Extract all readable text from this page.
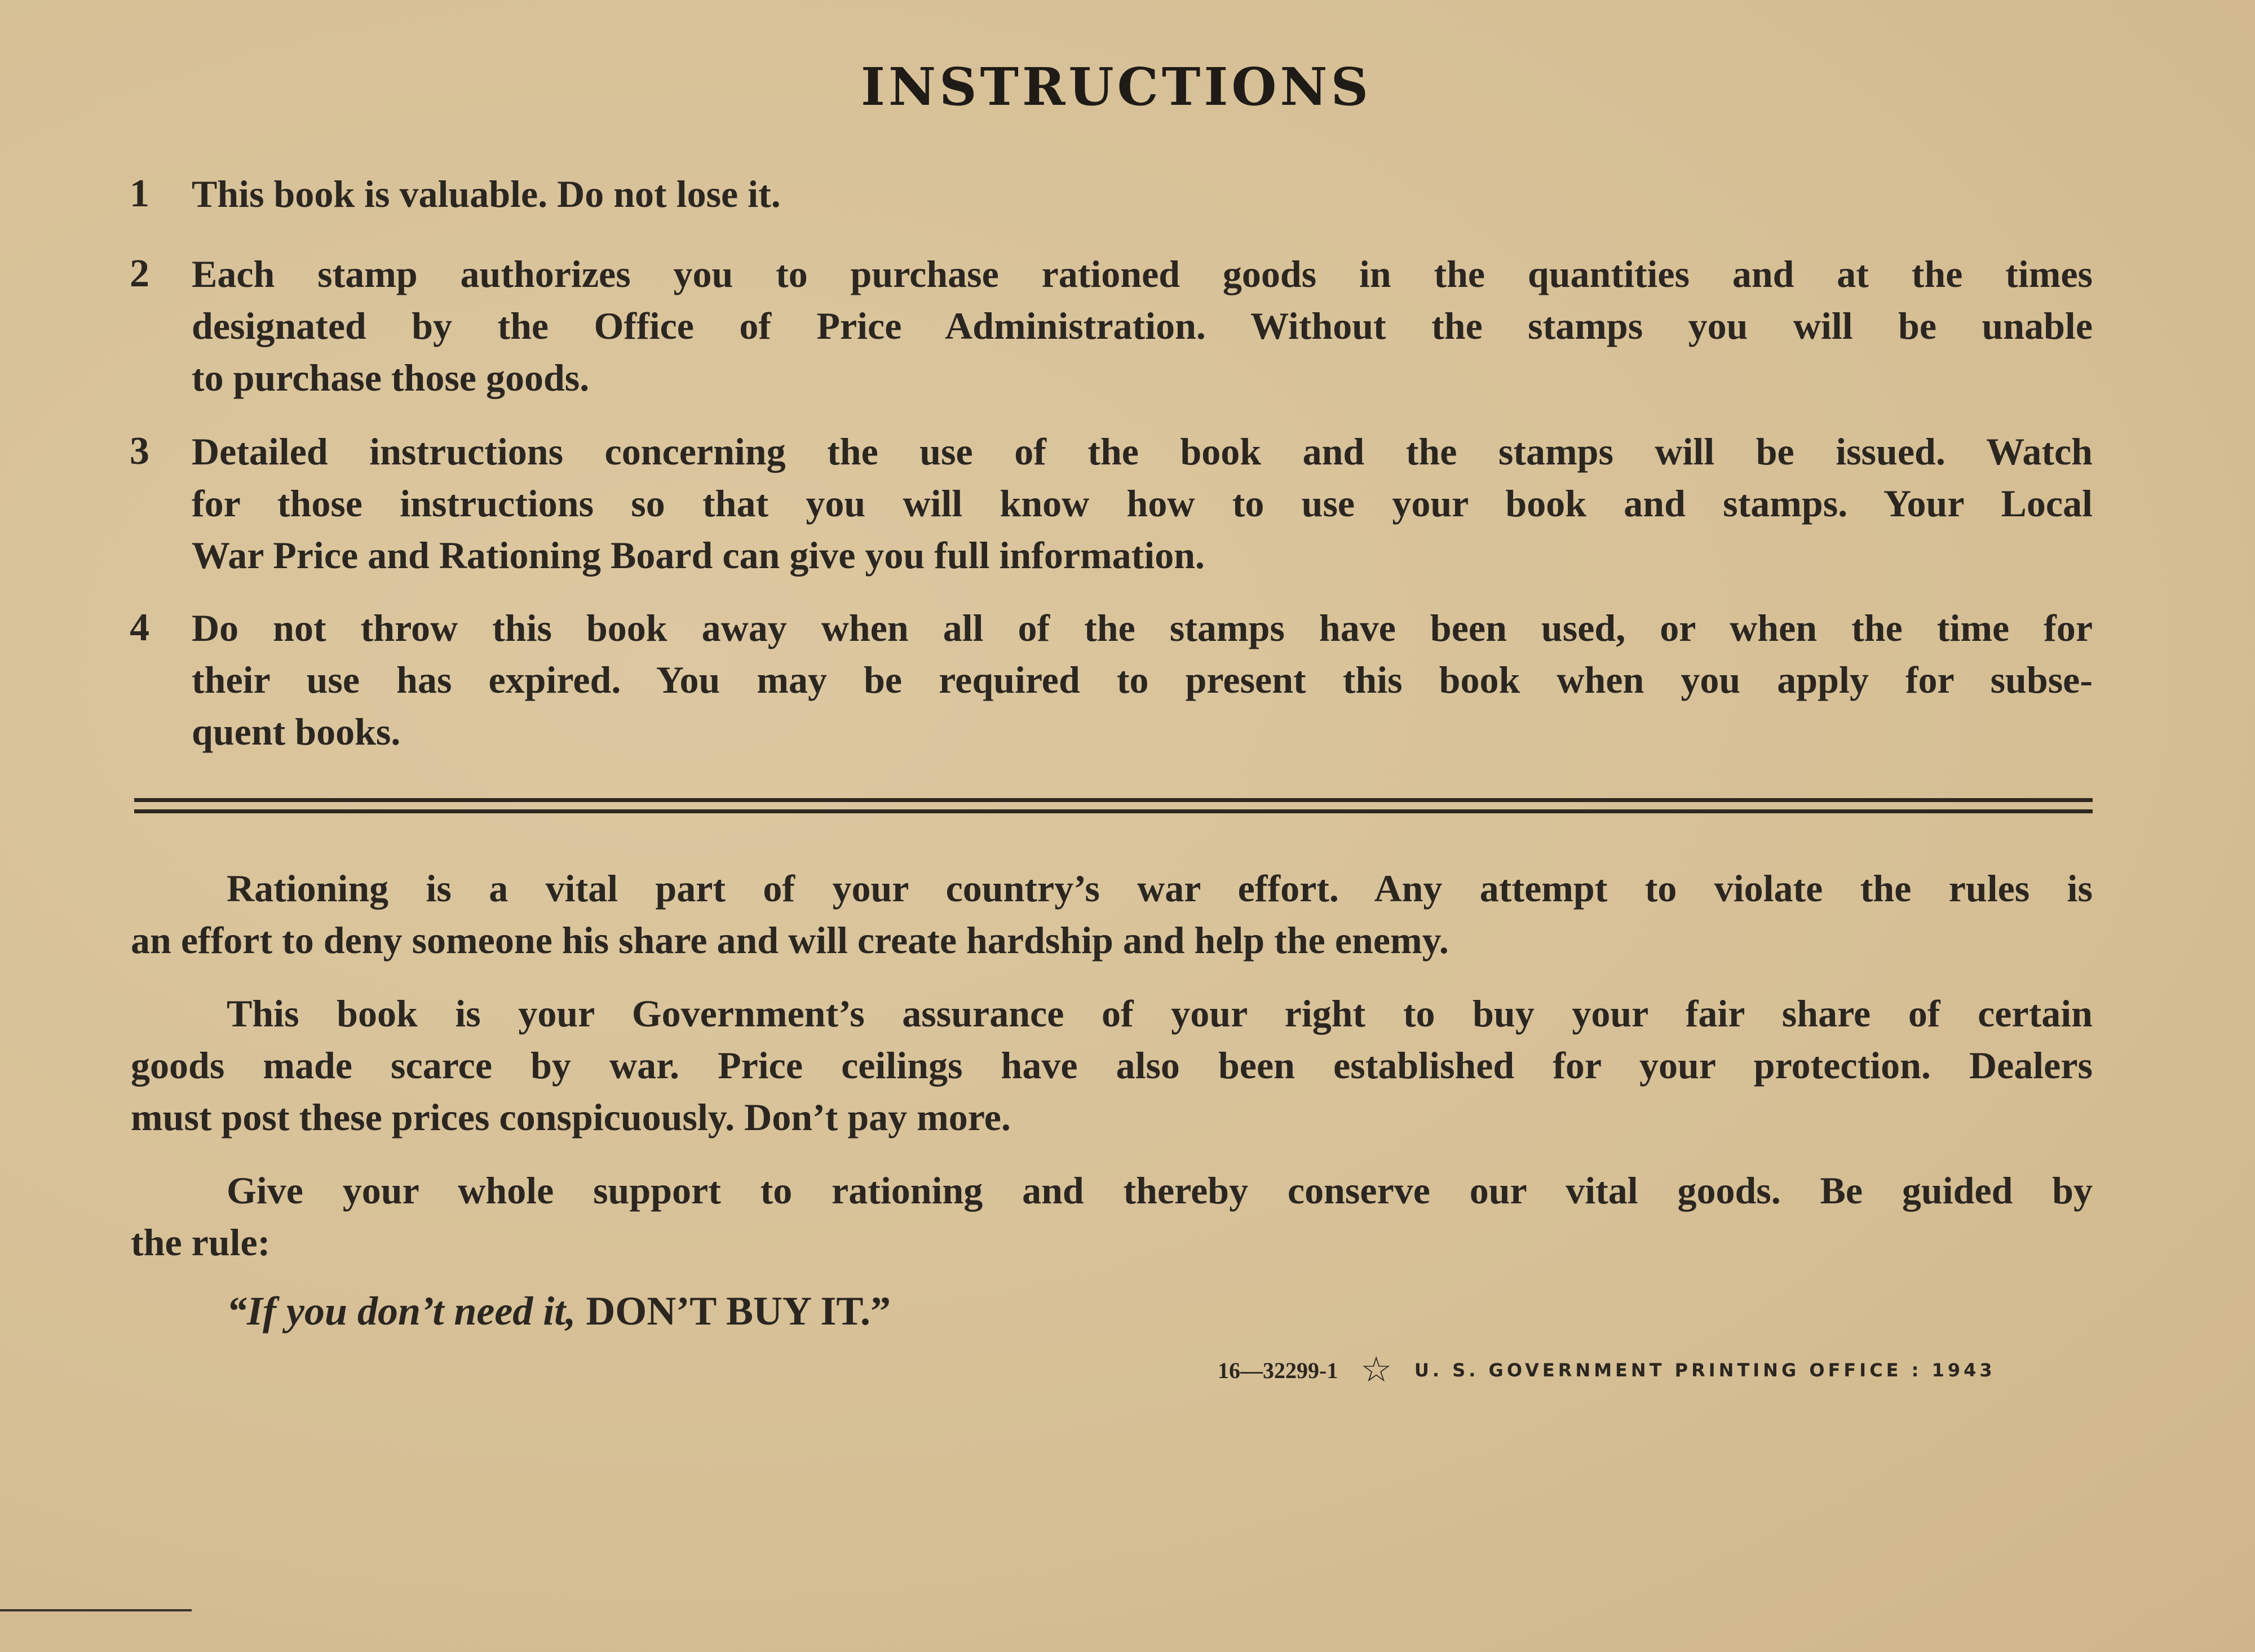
INSTRUCTIONS
1	This book is valuable. Do not lose it.
2	Each stamp authorizes you to purchase rationed goods in the quantities and at the times
designated by the Office of Price Administration. Without the stamps you will be unable
to purchase those goods.
3	Detailed instructions concerning the use of the book and the stamps will be issued. Watch
for those instructions so that you will know how to use your book and stamps. Your Local
War Price and Rationing Board can give you full information.
4	Do not throw this book away when all of the stamps have been used, or when the time for
their use has expired. You may be required to present this book when you apply for subse-
quent books.
Rationing is a vital part of your country’s war effort. Any attempt to violate the rules is
an effort to deny someone his share and will create hardship and help the enemy.
This book is your Government’s assurance of your right to buy your fair share of certain
goods made scarce by war. Price ceilings have also been established for your protection. Dealers
must post these prices conspicuously. Don’t pay more.
Give your whole support to rationing and thereby conserve our vital goods. Be guided by
the rule:
“If you don’t need it, DON’T BUY IT.”
16—32299-1 ☆ U. S. GOVERNMENT PRINTING OFFICE : 1943
